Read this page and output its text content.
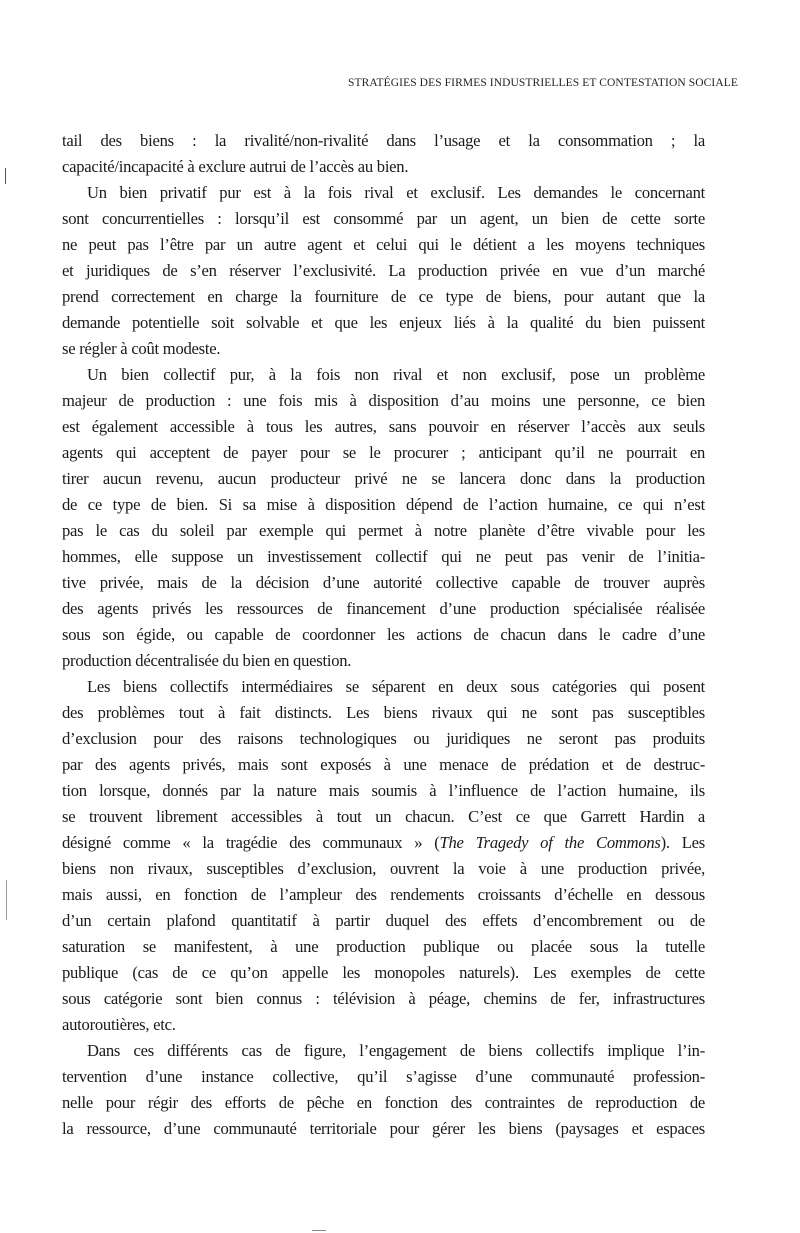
STRATÉGIES DES FIRMES INDUSTRIELLES ET CONTESTATION SOCIALE
tail des biens : la rivalité/non-rivalité dans l’usage et la consommation ; la
capacité/incapacité à exclure autrui de l’accès au bien.
Un bien privatif pur est à la fois rival et exclusif. Les demandes le concernant
sont concurrentielles : lorsqu’il est consommé par un agent, un bien de cette sorte
ne peut pas l’être par un autre agent et celui qui le détient a les moyens techniques
et juridiques de s’en réserver l’exclusivité. La production privée en vue d’un marché
prend correctement en charge la fourniture de ce type de biens, pour autant que la
demande potentielle soit solvable et que les enjeux liés à la qualité du bien puissent
se régler à coût modeste.
Un bien collectif pur, à la fois non rival et non exclusif, pose un problème
majeur de production : une fois mis à disposition d’au moins une personne, ce bien
est également accessible à tous les autres, sans pouvoir en réserver l’accès aux seuls
agents qui acceptent de payer pour se le procurer ; anticipant qu’il ne pourrait en
tirer aucun revenu, aucun producteur privé ne se lancera donc dans la production
de ce type de bien. Si sa mise à disposition dépend de l’action humaine, ce qui n’est
pas le cas du soleil par exemple qui permet à notre planète d’être vivable pour les
hommes, elle suppose un investissement collectif qui ne peut pas venir de l’initia-
tive privée, mais de la décision d’une autorité collective capable de trouver auprès
des agents privés les ressources de financement d’une production spécialisée réalisée
sous son égide, ou capable de coordonner les actions de chacun dans le cadre d’une
production décentralisée du bien en question.
Les biens collectifs intermédiaires se séparent en deux sous catégories qui posent
des problèmes tout à fait distincts. Les biens rivaux qui ne sont pas susceptibles
d’exclusion pour des raisons technologiques ou juridiques ne seront pas produits
par des agents privés, mais sont exposés à une menace de prédation et de destruc-
tion lorsque, donnés par la nature mais soumis à l’influence de l’action humaine, ils
se trouvent librement accessibles à tout un chacun. C’est ce que Garrett Hardin a
désigné comme « la tragédie des communaux » (The Tragedy of the Commons). Les
biens non rivaux, susceptibles d’exclusion, ouvrent la voie à une production privée,
mais aussi, en fonction de l’ampleur des rendements croissants d’échelle en dessous
d’un certain plafond quantitatif à partir duquel des effets d’encombrement ou de
saturation se manifestent, à une production publique ou placée sous la tutelle
publique (cas de ce qu’on appelle les monopoles naturels). Les exemples de cette
sous catégorie sont bien connus : télévision à péage, chemins de fer, infrastructures
autoroutières, etc.
Dans ces différents cas de figure, l’engagement de biens collectifs implique l’in-
tervention d’une instance collective, qu’il s’agisse d’une communauté profession-
nelle pour régir des efforts de pêche en fonction des contraintes de reproduction de
la ressource, d’une communauté territoriale pour gérer les biens (paysages et espaces
